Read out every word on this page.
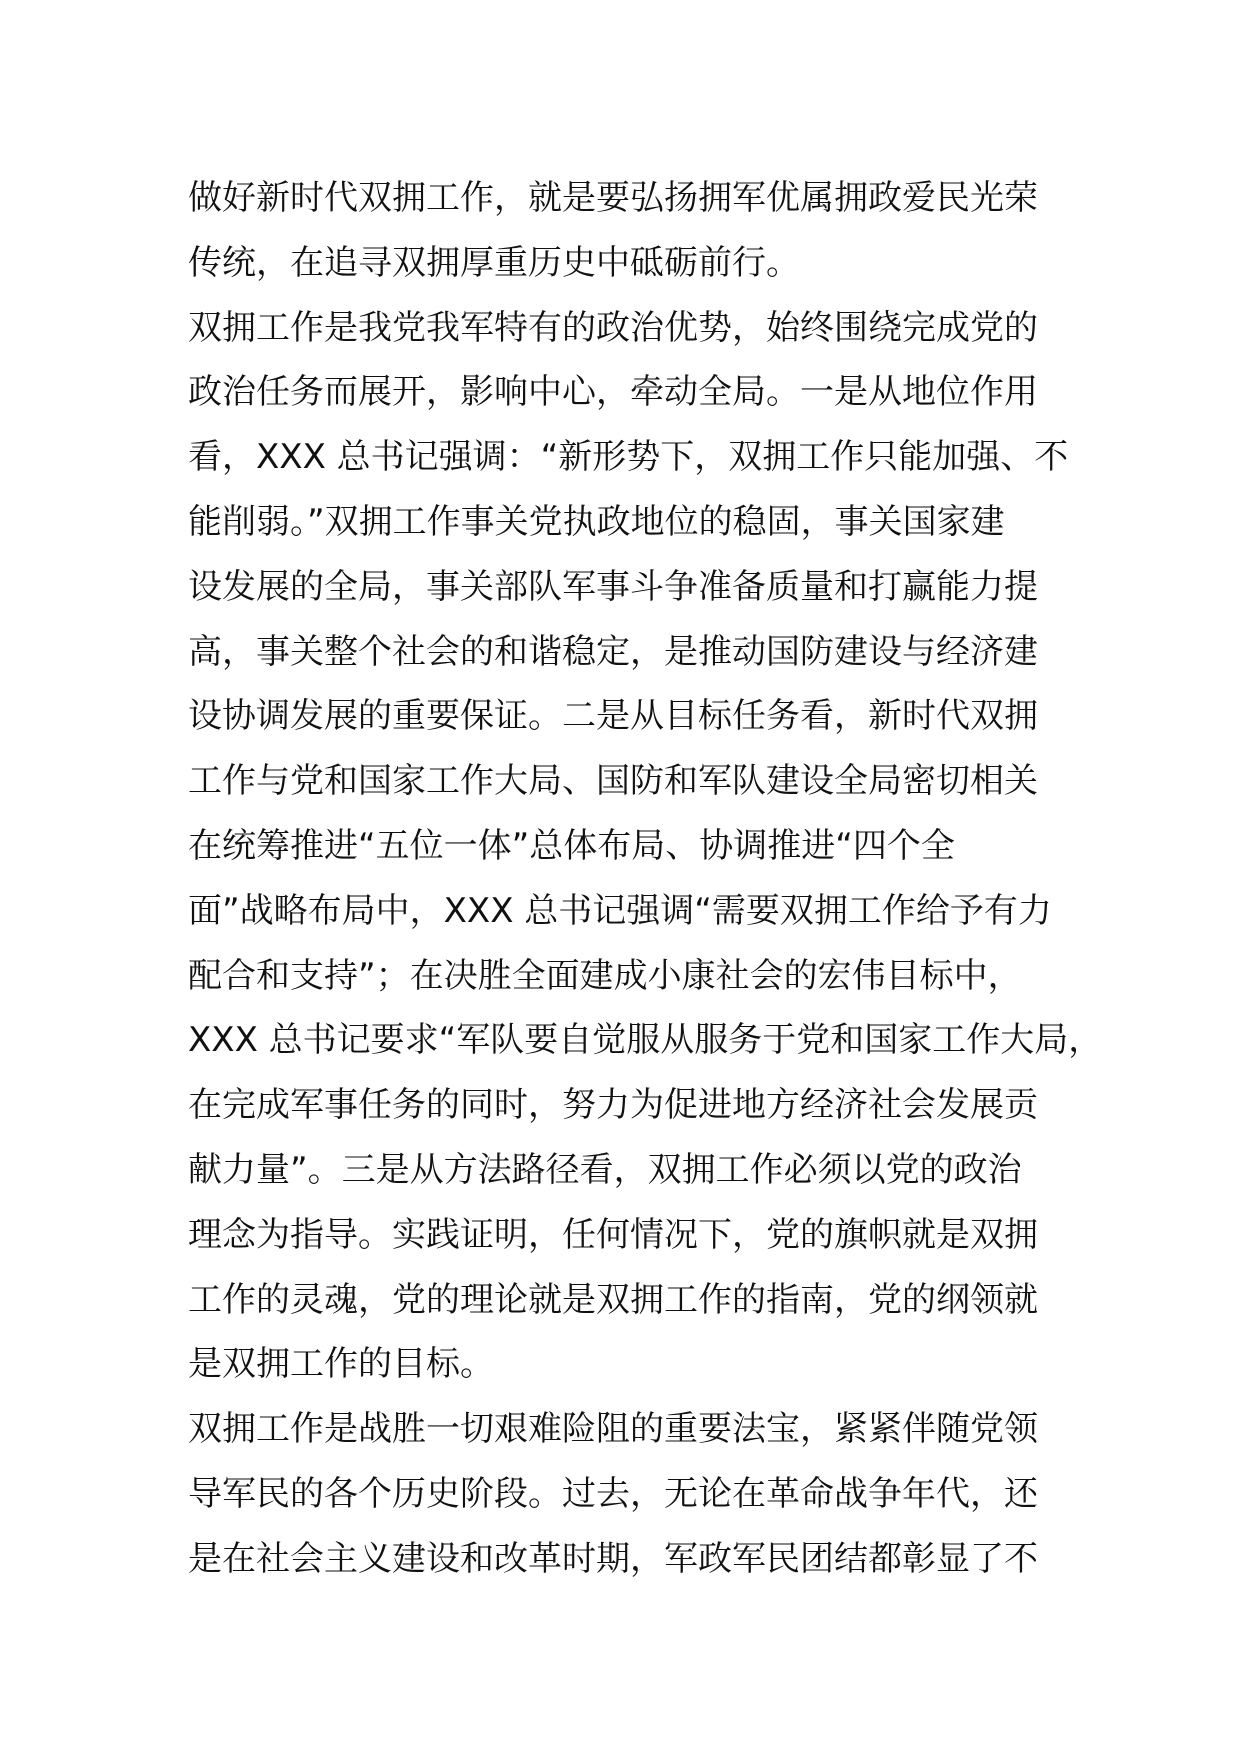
做好新时代双拥工作，就是要弘扬拥军优属拥政爱民光荣
传统，在追寻双拥厚重历史中砥砺前行。
双拥工作是我党我军特有的政治优势，始终围绕完成党的
政治任务而展开，影响中心，牵动全局。一是从地位作用
看，XXX 总书记强调：“新形势下，双拥工作只能加强、不
能削弱。”双拥工作事关党执政地位的稳固，事关国家建
设发展的全局，事关部队军事斗争准备质量和打赢能力提
高，事关整个社会的和谐稳定，是推动国防建设与经济建
设协调发展的重要保证。二是从目标任务看，新时代双拥
工作与党和国家工作大局、国防和军队建设全局密切相关
在统筹推进“五位一体”总体布局、协调推进“四个全
面”战略布局中，XXX 总书记强调“需要双拥工作给予有力
配合和支持”；在决胜全面建成小康社会的宏伟目标中，
XXX 总书记要求“军队要自觉服从服务于党和国家工作大局，
在完成军事任务的同时，努力为促进地方经济社会发展贡
献力量”。三是从方法路径看，双拥工作必须以党的政治
理念为指导。实践证明，任何情况下，党的旗帜就是双拥
工作的灵魂，党的理论就是双拥工作的指南，党的纲领就
是双拥工作的目标。
双拥工作是战胜一切艰难险阻的重要法宝，紧紧伴随党领
导军民的各个历史阶段。过去，无论在革命战争年代，还
是在社会主义建设和改革时期，军政军民团结都彰显了不
